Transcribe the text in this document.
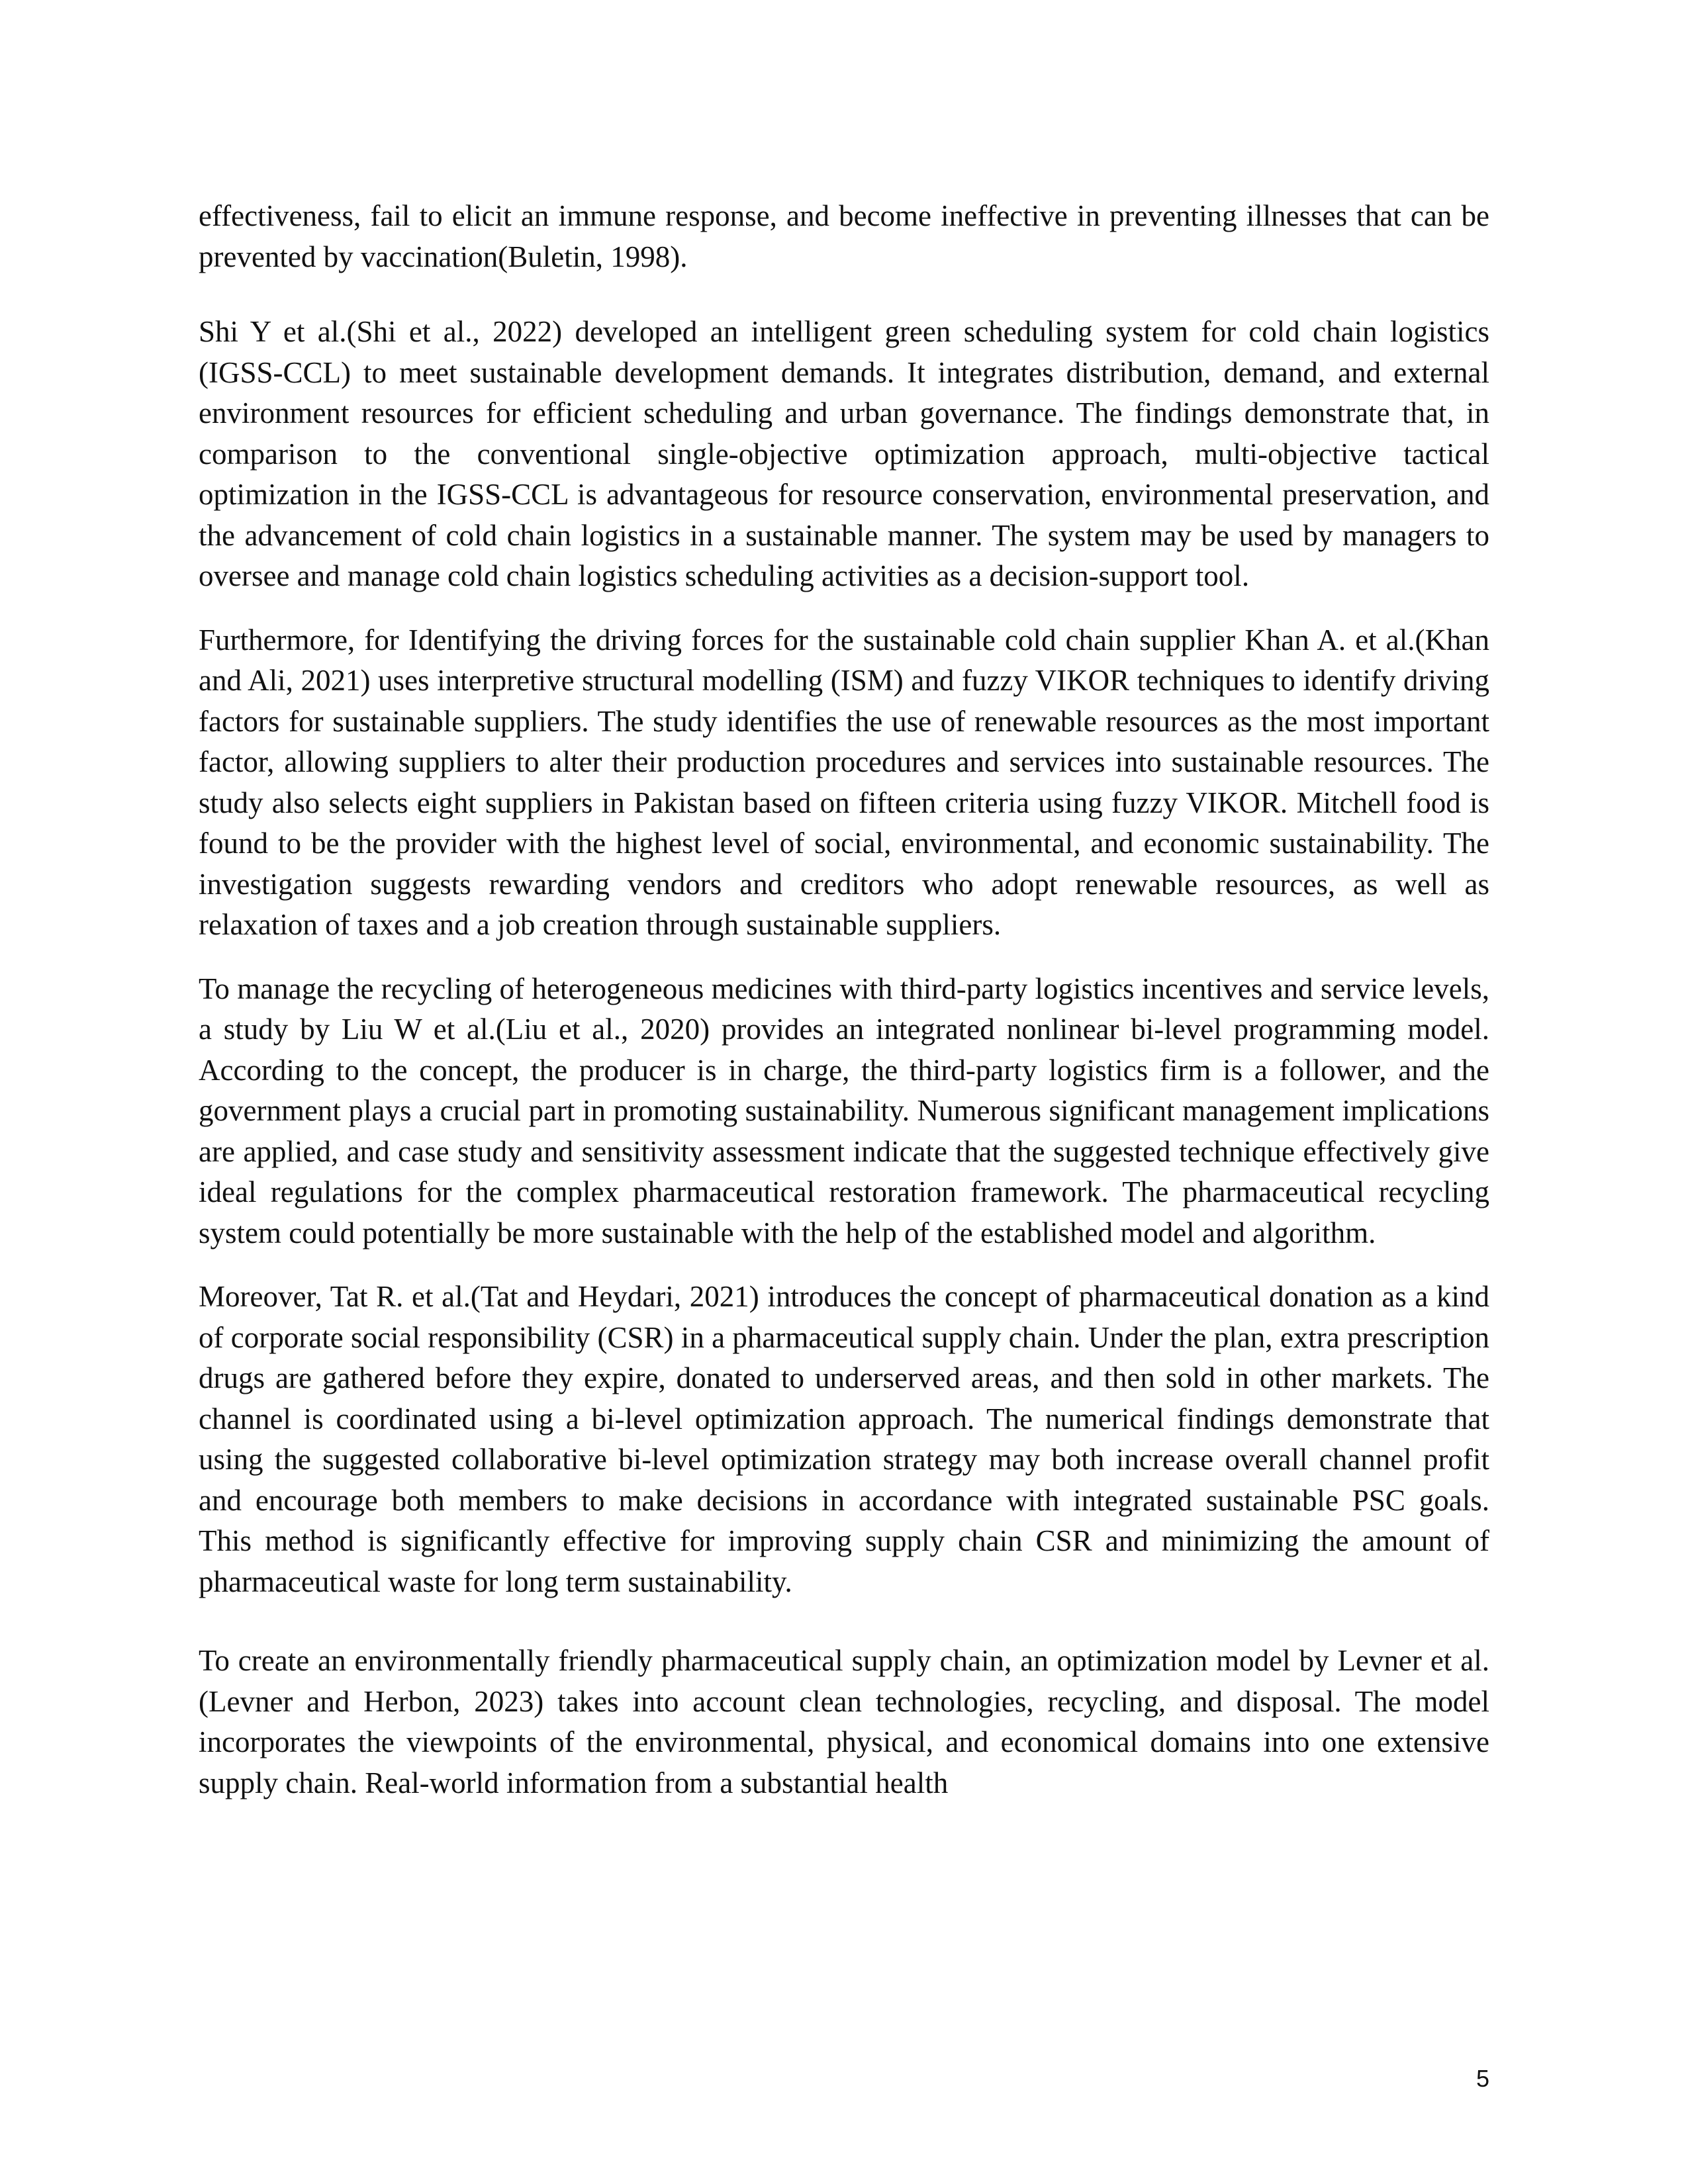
effectiveness, fail to elicit an immune response, and become ineffective in preventing illnesses that can be prevented by vaccination(Buletin, 1998).

Shi Y et al.(Shi et al., 2022) developed an intelligent green scheduling system for cold chain logistics (IGSS-CCL) to meet sustainable development demands. It integrates distribution, demand, and external environment resources for efficient scheduling and urban governance. The findings demonstrate that, in comparison to the conventional single-objective optimization approach, multi-objective tactical optimization in the IGSS-CCL is advantageous for resource conservation, environmental preservation, and the advancement of cold chain logistics in a sustainable manner. The system may be used by managers to oversee and manage cold chain logistics scheduling activities as a decision-support tool.

Furthermore, for Identifying the driving forces for the sustainable cold chain supplier Khan A. et al.(Khan and Ali, 2021) uses interpretive structural modelling (ISM) and fuzzy VIKOR techniques to identify driving factors for sustainable suppliers. The study identifies the use of renewable resources as the most important factor, allowing suppliers to alter their production procedures and services into sustainable resources. The study also selects eight suppliers in Pakistan based on fifteen criteria using fuzzy VIKOR. Mitchell food is found to be the provider with the highest level of social, environmental, and economic sustainability. The investigation suggests rewarding vendors and creditors who adopt renewable resources, as well as relaxation of taxes and a job creation through sustainable suppliers.

To manage the recycling of heterogeneous medicines with third-party logistics incentives and service levels, a study by Liu W et al.(Liu et al., 2020) provides an integrated nonlinear bi-level programming model. According to the concept, the producer is in charge, the third-party logistics firm is a follower, and the government plays a crucial part in promoting sustainability. Numerous significant management implications are applied, and case study and sensitivity assessment indicate that the suggested technique effectively give ideal regulations for the complex pharmaceutical restoration framework. The pharmaceutical recycling system could potentially be more sustainable with the help of the established model and algorithm.

Moreover, Tat R. et al.(Tat and Heydari, 2021) introduces the concept of pharmaceutical donation as a kind of corporate social responsibility (CSR) in a pharmaceutical supply chain. Under the plan, extra prescription drugs are gathered before they expire, donated to underserved areas, and then sold in other markets. The channel is coordinated using a bi-level optimization approach. The numerical findings demonstrate that using the suggested collaborative bi-level optimization strategy may both increase overall channel profit and encourage both members to make decisions in accordance with integrated sustainable PSC goals.
This method is significantly effective for improving supply chain CSR and minimizing the amount of pharmaceutical waste for long term sustainability.

To create an environmentally friendly pharmaceutical supply chain, an optimization model by Levner et al.(Levner and Herbon, 2023) takes into account clean technologies, recycling, and disposal. The model incorporates the viewpoints of the environmental, physical, and economical domains into one extensive supply chain. Real-world information from a substantial health

5
